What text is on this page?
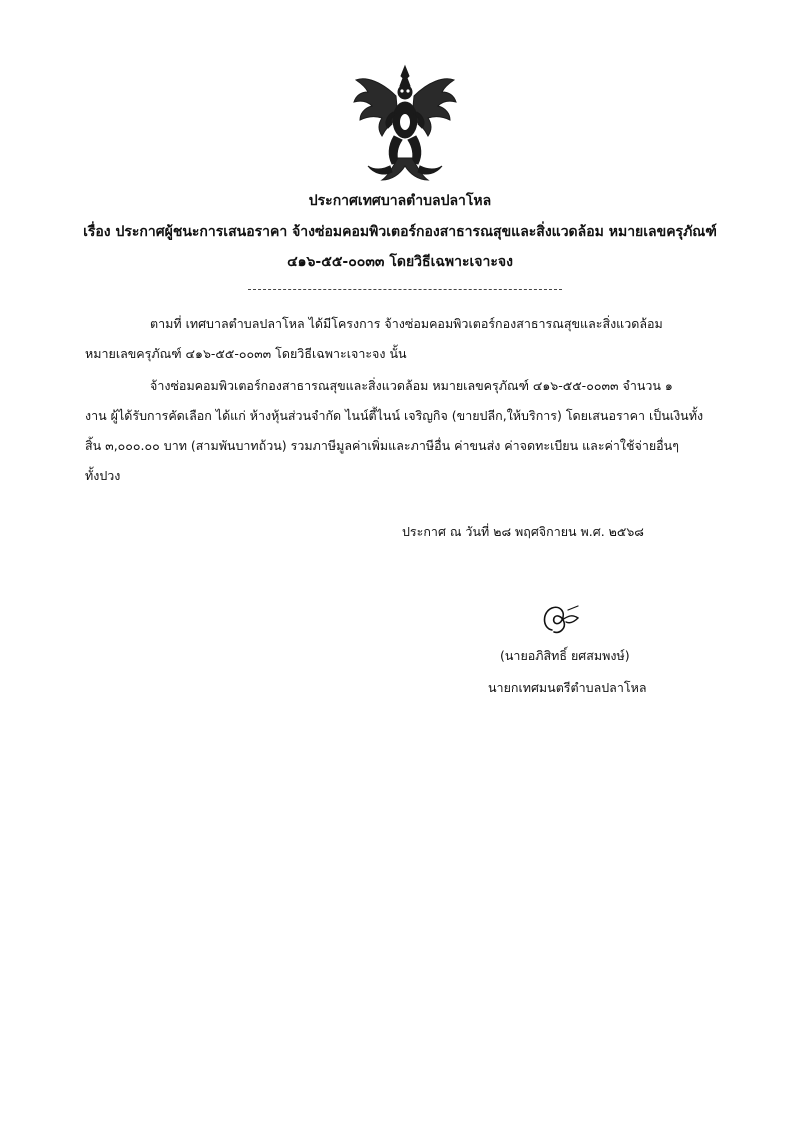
ประกาศเทศบาลตำบลปลาโหล
เรื่อง ประกาศผู้ชนะการเสนอราคา จ้างซ่อมคอมพิวเตอร์กองสาธารณสุขและสิ่งแวดล้อม หมายเลขครุภัณฑ์
๔๑๖-๕๕-๐๐๓๓ โดยวิธีเฉพาะเจาะจง
ตามที่ เทศบาลตำบลปลาโหล ได้มีโครงการ จ้างซ่อมคอมพิวเตอร์กองสาธารณสุขและสิ่งแวดล้อม
หมายเลขครุภัณฑ์ ๔๑๖-๕๕-๐๐๓๓ โดยวิธีเฉพาะเจาะจง นั้น
จ้างซ่อมคอมพิวเตอร์กองสาธารณสุขและสิ่งแวดล้อม หมายเลขครุภัณฑ์ ๔๑๖-๕๕-๐๐๓๓ จำนวน ๑
งาน ผู้ได้รับการคัดเลือก ได้แก่ ห้างหุ้นส่วนจำกัด ไนน์ตี้ไนน์ เจริญกิจ (ขายปลีก,ให้บริการ) โดยเสนอราคา เป็นเงินทั้ง
สิ้น ๓,๐๐๐.๐๐ บาท (สามพันบาทถ้วน) รวมภาษีมูลค่าเพิ่มและภาษีอื่น ค่าขนส่ง ค่าจดทะเบียน และค่าใช้จ่ายอื่นๆ
ทั้งปวง
ประกาศ ณ วันที่ ๒๘ พฤศจิกายน พ.ศ. ๒๕๖๘
(นายอภิสิทธิ์ ยศสมพงษ์)
นายกเทศมนตรีตำบลปลาโหล
